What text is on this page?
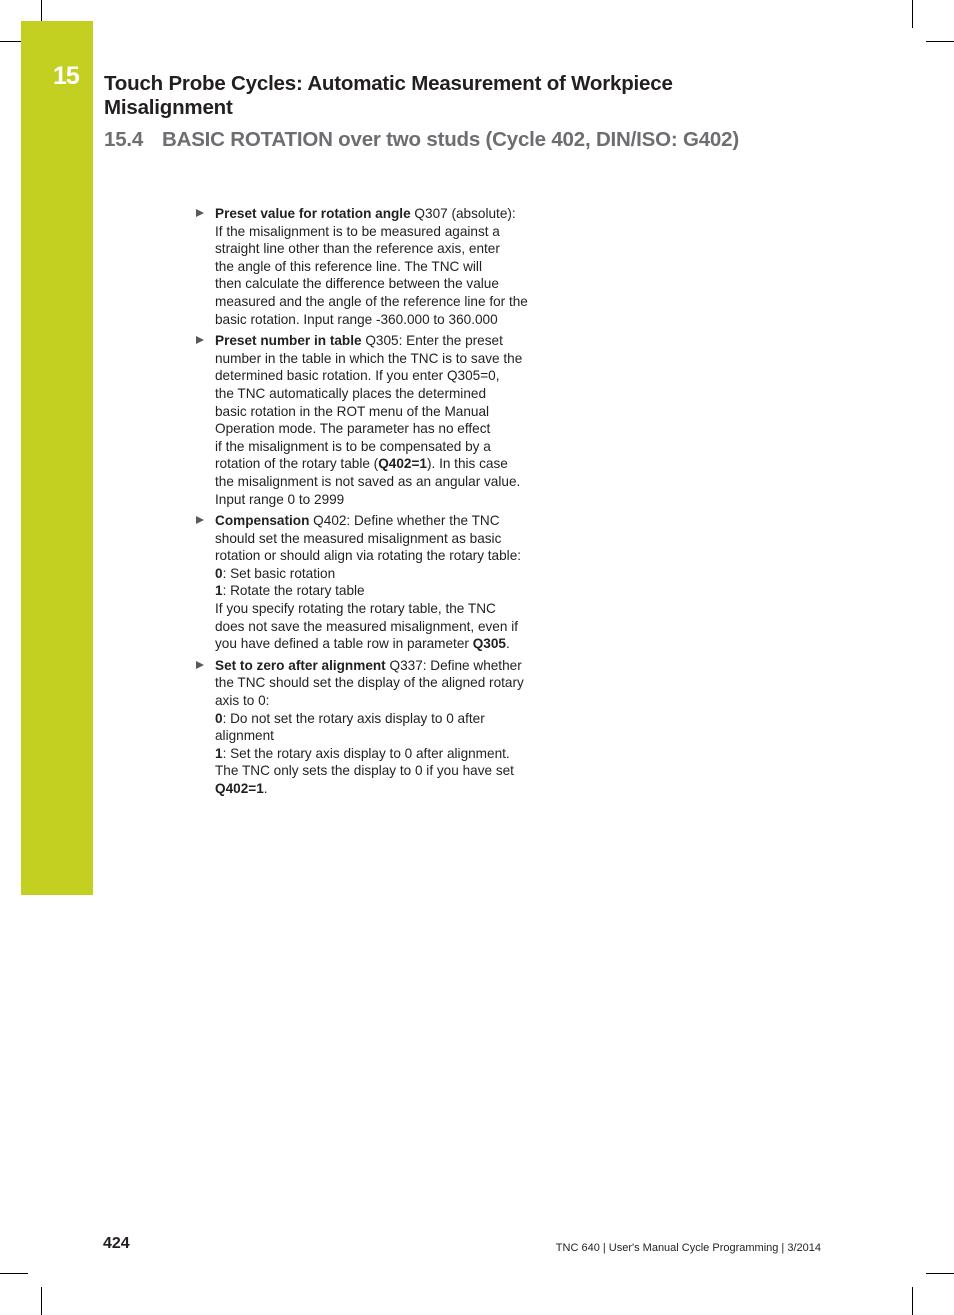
15 Touch Probe Cycles: Automatic Measurement of Workpiece
Misalignment
15.4 BASIC ROTATION over two studs (Cycle 402, DIN/ISO: G402)
Preset value for rotation angle Q307 (absolute):
If the misalignment is to be measured against a
straight line other than the reference axis, enter
the angle of this reference line. The TNC will
then calculate the difference between the value
measured and the angle of the reference line for the
basic rotation. Input range -360.000 to 360.000
Preset number in table Q305: Enter the preset
number in the table in which the TNC is to save the
determined basic rotation. If you enter Q305=0,
the TNC automatically places the determined
basic rotation in the ROT menu of the Manual
Operation mode. The parameter has no effect
if the misalignment is to be compensated by a
rotation of the rotary table (Q402=1). In this case
the misalignment is not saved as an angular value.
Input range 0 to 2999
Compensation Q402: Define whether the TNC
should set the measured misalignment as basic
rotation or should align via rotating the rotary table:
0: Set basic rotation
1: Rotate the rotary table
If you specify rotating the rotary table, the TNC
does not save the measured misalignment, even if
you have defined a table row in parameter Q305.
Set to zero after alignment Q337: Define whether
the TNC should set the display of the aligned rotary
axis to 0:
0: Do not set the rotary axis display to 0 after
alignment
1: Set the rotary axis display to 0 after alignment.
The TNC only sets the display to 0 if you have set
Q402=1.
424	TNC 640 | User's Manual Cycle Programming | 3/2014
